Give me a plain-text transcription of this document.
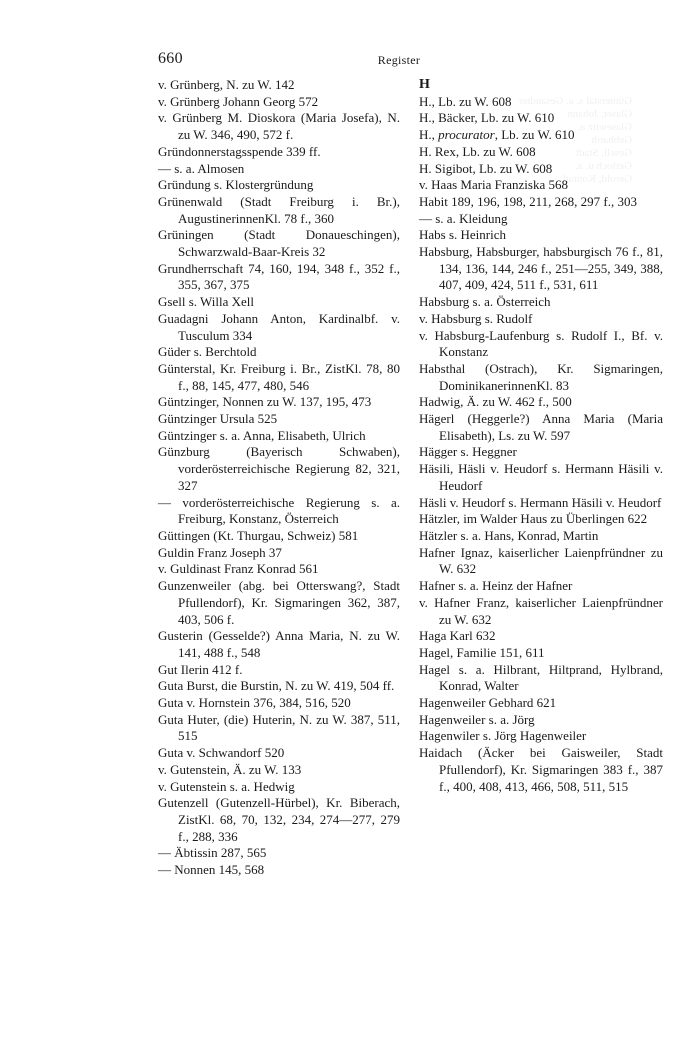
660	Register
Günterstal s. a. Gesandter
Glaser, Johann
Glasewitz a.
Gebhardt
Gesell, Stadt
Gerloch u. a.
Gerold, Konrad
v. Grünberg, N. zu W. 142
v. Grünberg Johann Georg 572
v. Grünberg M. Dioskora (Maria Josefa), N. zu W. 346, 490, 572 f.
Gründonnerstagsspende 339 ff.
— s. a. Almosen
Gründung s. Klostergründung
Grünenwald (Stadt Freiburg i. Br.), AugustinerinnenKl. 78 f., 360
Grüningen (Stadt Donaueschingen), Schwarzwald-Baar-Kreis 32
Grundherrschaft 74, 160, 194, 348 f., 352 f., 355, 367, 375
Gsell s. Willa Xell
Guadagni Johann Anton, Kardinalbf. v. Tusculum 334
Güder s. Berchtold
Günterstal, Kr. Freiburg i. Br., ZistKl. 78, 80 f., 88, 145, 477, 480, 546
Güntzinger, Nonnen zu W. 137, 195, 473
Güntzinger Ursula 525
Güntzinger s. a. Anna, Elisabeth, Ulrich
Günzburg (Bayerisch Schwaben), vorderösterreichische Regierung 82, 321, 327
— vorderösterreichische Regierung s. a. Freiburg, Konstanz, Österreich
Güttingen (Kt. Thurgau, Schweiz) 581
Guldin Franz Joseph 37
v. Guldinast Franz Konrad 561
Gunzenweiler (abg. bei Otterswang?, Stadt Pfullendorf), Kr. Sigmaringen 362, 387, 403, 506 f.
Gusterin (Gesselde?) Anna Maria, N. zu W. 141, 488 f., 548
Gut Ilerin 412 f.
Guta Burst, die Burstin, N. zu W. 419, 504 ff.
Guta v. Hornstein 376, 384, 516, 520
Guta Huter, (die) Huterin, N. zu W. 387, 511, 515
Guta v. Schwandorf 520
v. Gutenstein, Ä. zu W. 133
v. Gutenstein s. a. Hedwig
Gutenzell (Gutenzell-Hürbel), Kr. Biberach, ZistKl. 68, 70, 132, 234, 274—277, 279 f., 288, 336
— Äbtissin 287, 565
— Nonnen 145, 568
H
H., Lb. zu W. 608
H., Bäcker, Lb. zu W. 610
H., procurator, Lb. zu W. 610
H. Rex, Lb. zu W. 608
H. Sigibot, Lb. zu W. 608
v. Haas Maria Franziska 568
Habit 189, 196, 198, 211, 268, 297 f., 303
— s. a. Kleidung
Habs s. Heinrich
Habsburg, Habsburger, habsburgisch 76 f., 81, 134, 136, 144, 246 f., 251—255, 349, 388, 407, 409, 424, 511 f., 531, 611
Habsburg s. a. Österreich
v. Habsburg s. Rudolf
v. Habsburg-Laufenburg s. Rudolf I., Bf. v. Konstanz
Habsthal (Ostrach), Kr. Sigmaringen, DominikanerinnenKl. 83
Hadwig, Ä. zu W. 462 f., 500
Hägerl (Heggerle?) Anna Maria (Maria Elisabeth), Ls. zu W. 597
Hägger s. Heggner
Häsili, Häsli v. Heudorf s. Hermann Häsili v. Heudorf
Häsli v. Heudorf s. Hermann Häsili v. Heudorf
Hätzler, im Walder Haus zu Überlingen 622
Hätzler s. a. Hans, Konrad, Martin
Hafner Ignaz, kaiserlicher Laienpfründner zu W. 632
Hafner s. a. Heinz der Hafner
v. Hafner Franz, kaiserlicher Laienpfründner zu W. 632
Haga Karl 632
Hagel, Familie 151, 611
Hagel s. a. Hilbrant, Hiltprand, Hylbrand, Konrad, Walter
Hagenweiler Gebhard 621
Hagenweiler s. a. Jörg
Hagenwiler s. Jörg Hagenweiler
Haidach (Äcker bei Gaisweiler, Stadt Pfullendorf), Kr. Sigmaringen 383 f., 387 f., 400, 408, 413, 466, 508, 511, 515
